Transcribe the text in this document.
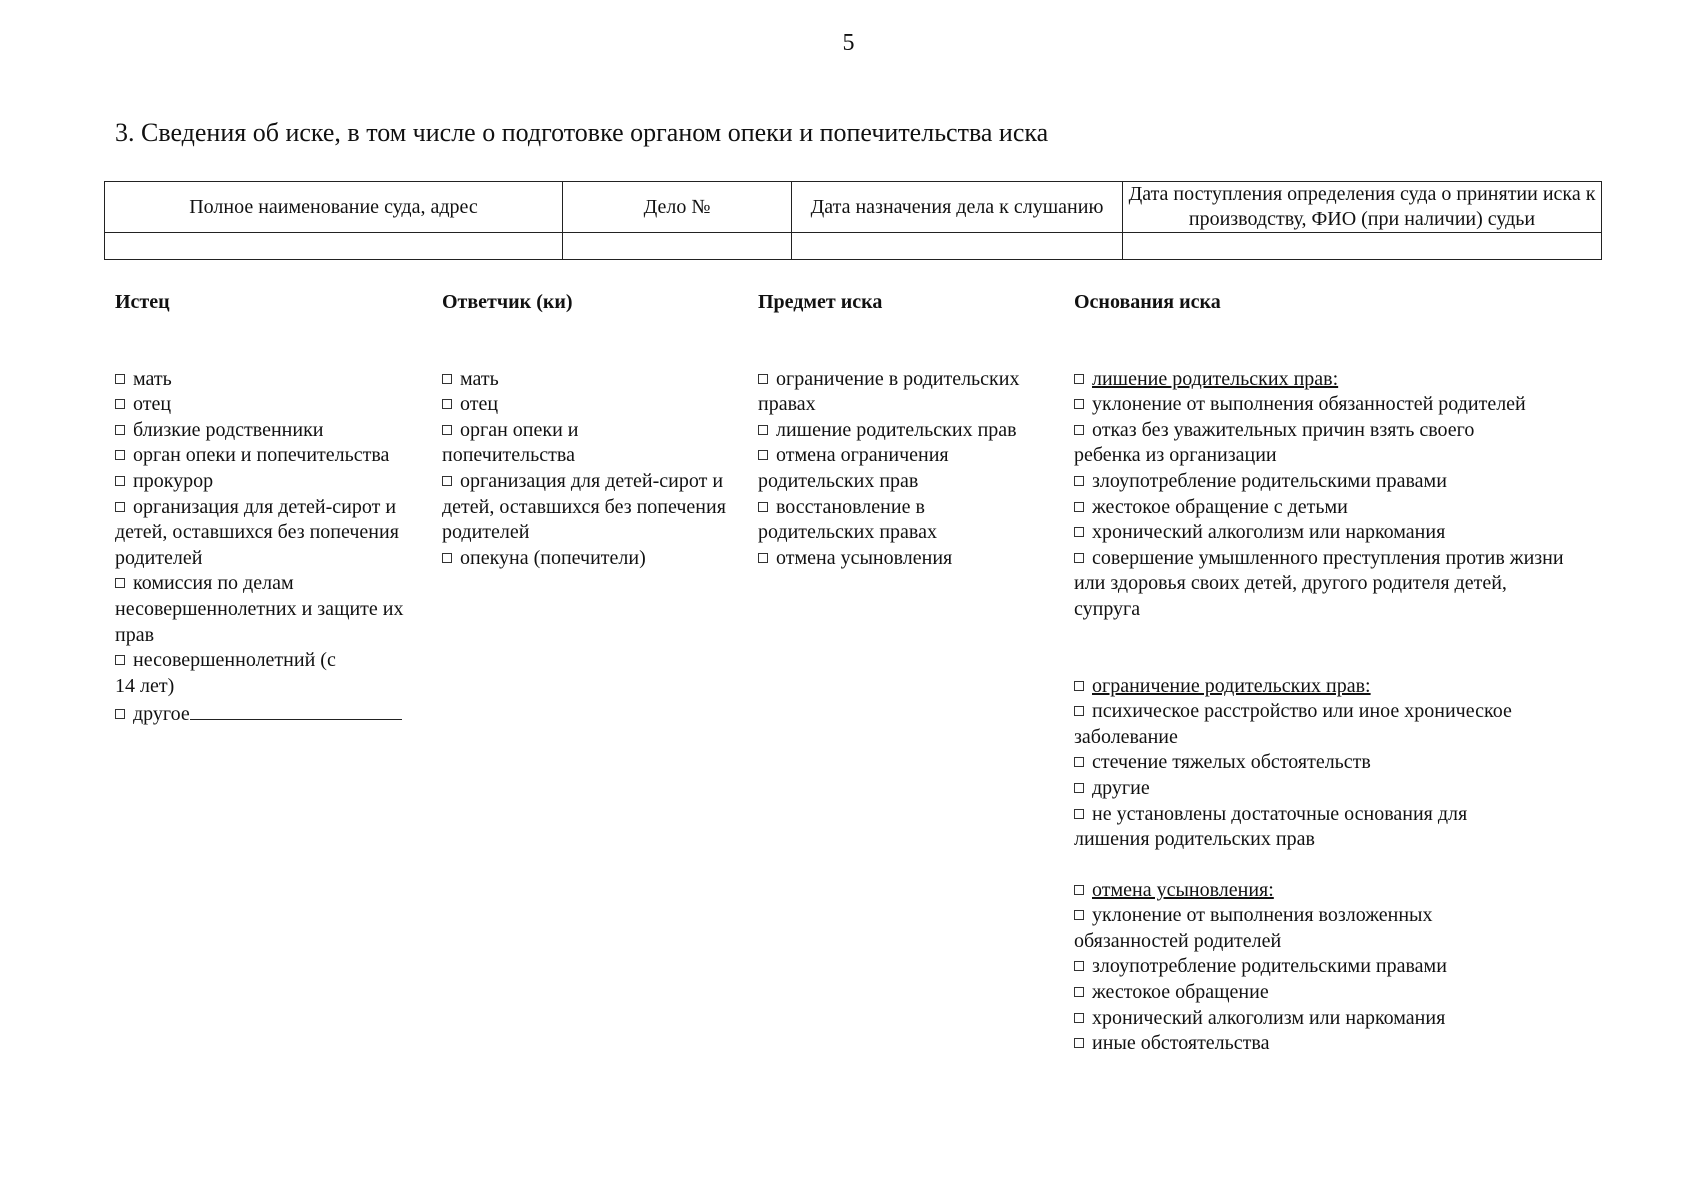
5
3. Сведения об иске, в том числе о подготовке органом опеки и попечительства иска
Полное наименование суда, адрес	Дело №	Дата назначения дела к слушанию	Дата поступления определения суда о принятии иска к производству, ФИО (при наличии) судьи

Истец
мать
отец
близкие родственники
орган опеки и попечительства
прокурор
организация для детей-сирот и детей, оставшихся без попечения родителей
комиссия по делам несовершеннолетних и защите их прав
несовершеннолетний (с 14 лет)
другое
Ответчик (ки)
мать
отец
орган опеки и попечительства
организация для детей-сирот и детей, оставшихся без попечения родителей
опекуна (попечители)
Предмет иска
ограничение в родительских правах
лишение родительских прав
отмена ограничения родительских прав
восстановление в родительских правах
отмена усыновления
Основания иска
лишение родительских прав:
уклонение от выполнения обязанностей родителей
отказ без уважительных причин взять своего ребенка из организации
злоупотребление родительскими правами
жестокое обращение с детьми
хронический алкоголизм или наркомания
совершение умышленного преступления против жизни или здоровья своих детей, другого родителя детей, супруга
ограничение родительских прав:
психическое расстройство или иное хроническое заболевание
стечение тяжелых обстоятельств
другие
не установлены достаточные основания для лишения родительских прав
отмена усыновления:
уклонение от выполнения возложенных обязанностей родителей
злоупотребление родительскими правами
жестокое обращение
хронический алкоголизм или наркомания
иные обстоятельства
